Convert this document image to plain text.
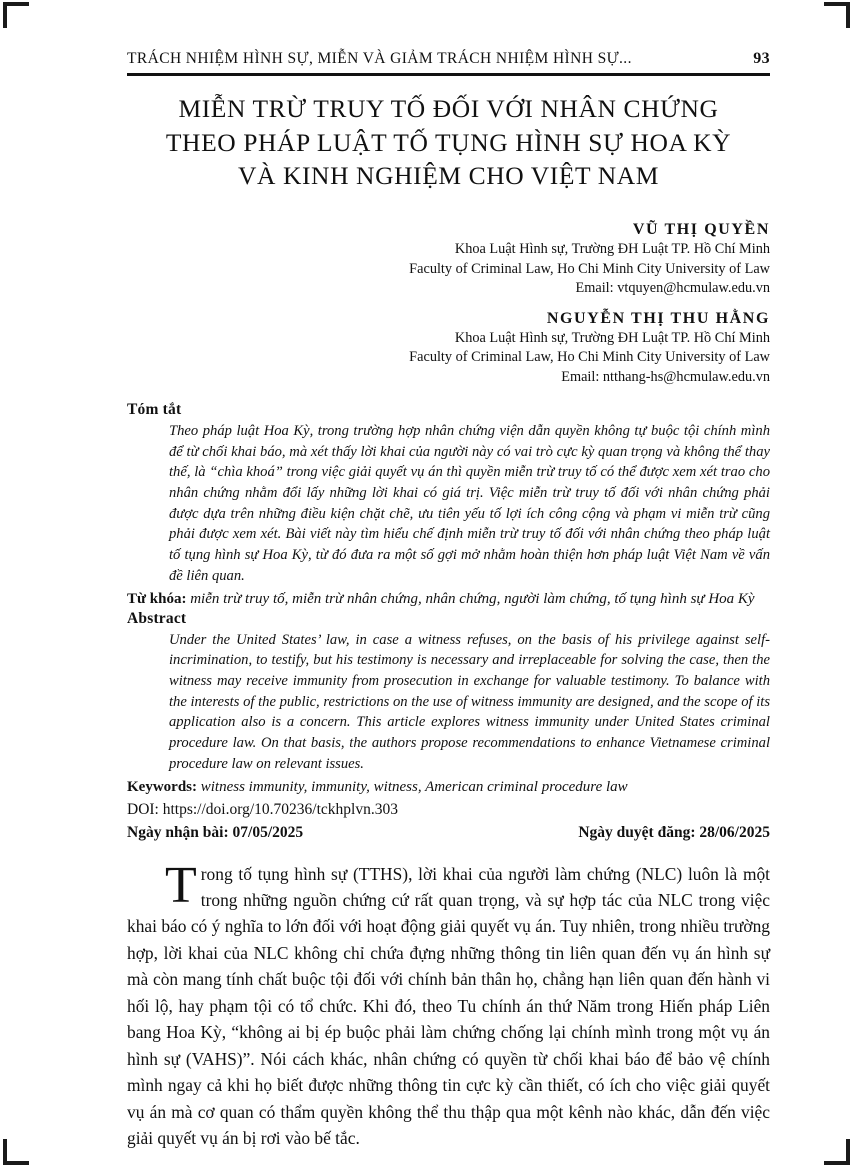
TRÁCH NHIỆM HÌNH SỰ, MIỄN VÀ GIẢM TRÁCH NHIỆM HÌNH SỰ...	93
MIỄN TRỪ TRUY TỐ ĐỐI VỚI NHÂN CHỨNG
THEO PHÁP LUẬT TỐ TỤNG HÌNH SỰ HOA KỲ
VÀ KINH NGHIỆM CHO VIỆT NAM
VŨ THỊ QUYỀN
Khoa Luật Hình sự, Trường ĐH Luật TP. Hồ Chí Minh
Faculty of Criminal Law, Ho Chi Minh City University of Law
Email: vtquyen@hcmulaw.edu.vn
NGUYỄN THỊ THU HẰNG
Khoa Luật Hình sự, Trường ĐH Luật TP. Hồ Chí Minh
Faculty of Criminal Law, Ho Chi Minh City University of Law
Email: ntthang-hs@hcmulaw.edu.vn
Tóm tắt
Theo pháp luật Hoa Kỳ, trong trường hợp nhân chứng viện dẫn quyền không tự buộc tội chính mình để từ chối khai báo, mà xét thấy lời khai của người này có vai trò cực kỳ quan trọng và không thể thay thế, là “chìa khoá” trong việc giải quyết vụ án thì quyền miễn trừ truy tố có thể được xem xét trao cho nhân chứng nhằm đổi lấy những lời khai có giá trị. Việc miễn trừ truy tố đối với nhân chứng phải được dựa trên những điều kiện chặt chẽ, ưu tiên yếu tố lợi ích công cộng và phạm vi miễn trừ cũng phải được xem xét. Bài viết này tìm hiểu chế định miễn trừ truy tố đối với nhân chứng theo pháp luật tố tụng hình sự Hoa Kỳ, từ đó đưa ra một số gợi mở nhằm hoàn thiện hơn pháp luật Việt Nam về vấn đề liên quan.
Từ khóa: miễn trừ truy tố, miễn trừ nhân chứng, nhân chứng, người làm chứng, tố tụng hình sự Hoa Kỳ
Abstract
Under the United States’ law, in case a witness refuses, on the basis of his privilege against self-incrimination, to testify, but his testimony is necessary and irreplaceable for solving the case, then the witness may receive immunity from prosecution in exchange for valuable testimony. To balance with the interests of the public, restrictions on the use of witness immunity are designed, and the scope of its application also is a concern. This article explores witness immunity under United States criminal procedure law. On that basis, the authors propose recommendations to enhance Vietnamese criminal procedure law on relevant issues.
Keywords: witness immunity, immunity, witness, American criminal procedure law
DOI: https://doi.org/10.70236/tckhplvn.303
Ngày nhận bài: 07/05/2025	Ngày duyệt đăng: 28/06/2025

Trong tố tụng hình sự (TTHS), lời khai của người làm chứng (NLC) luôn là một trong những nguồn chứng cứ rất quan trọng, và sự hợp tác của NLC trong việc khai báo có ý nghĩa to lớn đối với hoạt động giải quyết vụ án. Tuy nhiên, trong nhiều trường hợp, lời khai của NLC không chỉ chứa đựng những thông tin liên quan đến vụ án hình sự mà còn mang tính chất buộc tội đối với chính bản thân họ, chẳng hạn liên quan đến hành vi hối lộ, hay phạm tội có tổ chức. Khi đó, theo Tu chính án thứ Năm trong Hiến pháp Liên bang Hoa Kỳ, “không ai bị ép buộc phải làm chứng chống lại chính mình trong một vụ án hình sự (VAHS)”. Nói cách khác, nhân chứng có quyền từ chối khai báo để bảo vệ chính mình ngay cả khi họ biết được những thông tin cực kỳ cần thiết, có ích cho việc giải quyết vụ án mà cơ quan có thẩm quyền không thể thu thập qua một kênh nào khác, dẫn đến việc giải quyết vụ án bị rơi vào bế tắc.
